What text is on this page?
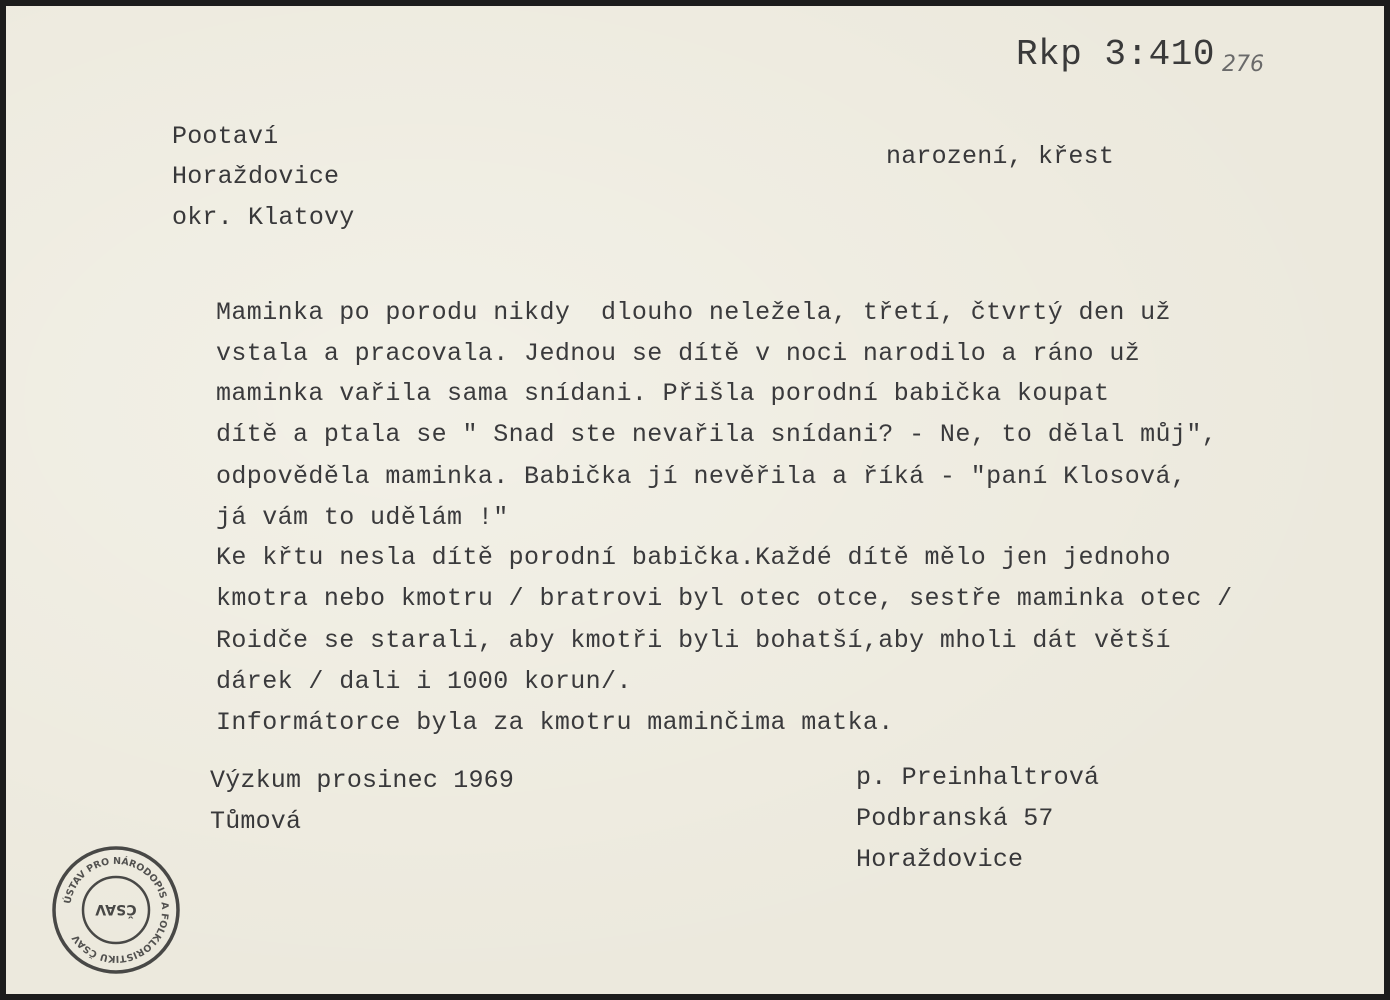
Rkp 3:410 276

Pootaví

Horaždovice

okr. Klatovy

narození, křest

Maminka po porodu nikdy  dlouho neležela, třetí, čtvrtý den už

vstala a pracovala. Jednou se dítě v noci narodilo a ráno už

maminka vařila sama snídani. Přišla porodní babička koupat

dítě a ptala se " Snad ste nevařila snídani? - Ne, to dělal můj",

odpověděla maminka. Babička jí nevěřila a říká - "paní Klosová,

já vám to udělám !"

Ke křtu nesla dítě porodní babička.Každé dítě mělo jen jednoho

kmotra nebo kmotru / bratrovi byl otec otce, sestře maminka otec /

Roidče se starali, aby kmotři byli bohatší,aby mholi dát větší

dárek / dali i 1000 korun/.

Informátorce byla za kmotru maminčima matka.

Výzkum prosinec 1969

Tůmová

p. Preinhaltrová

Podbranská 57

Horaždovice

ÚSTAV PRO NÁRODOPIS A FOLKLORISTIKU ČSAV
ČSAV
